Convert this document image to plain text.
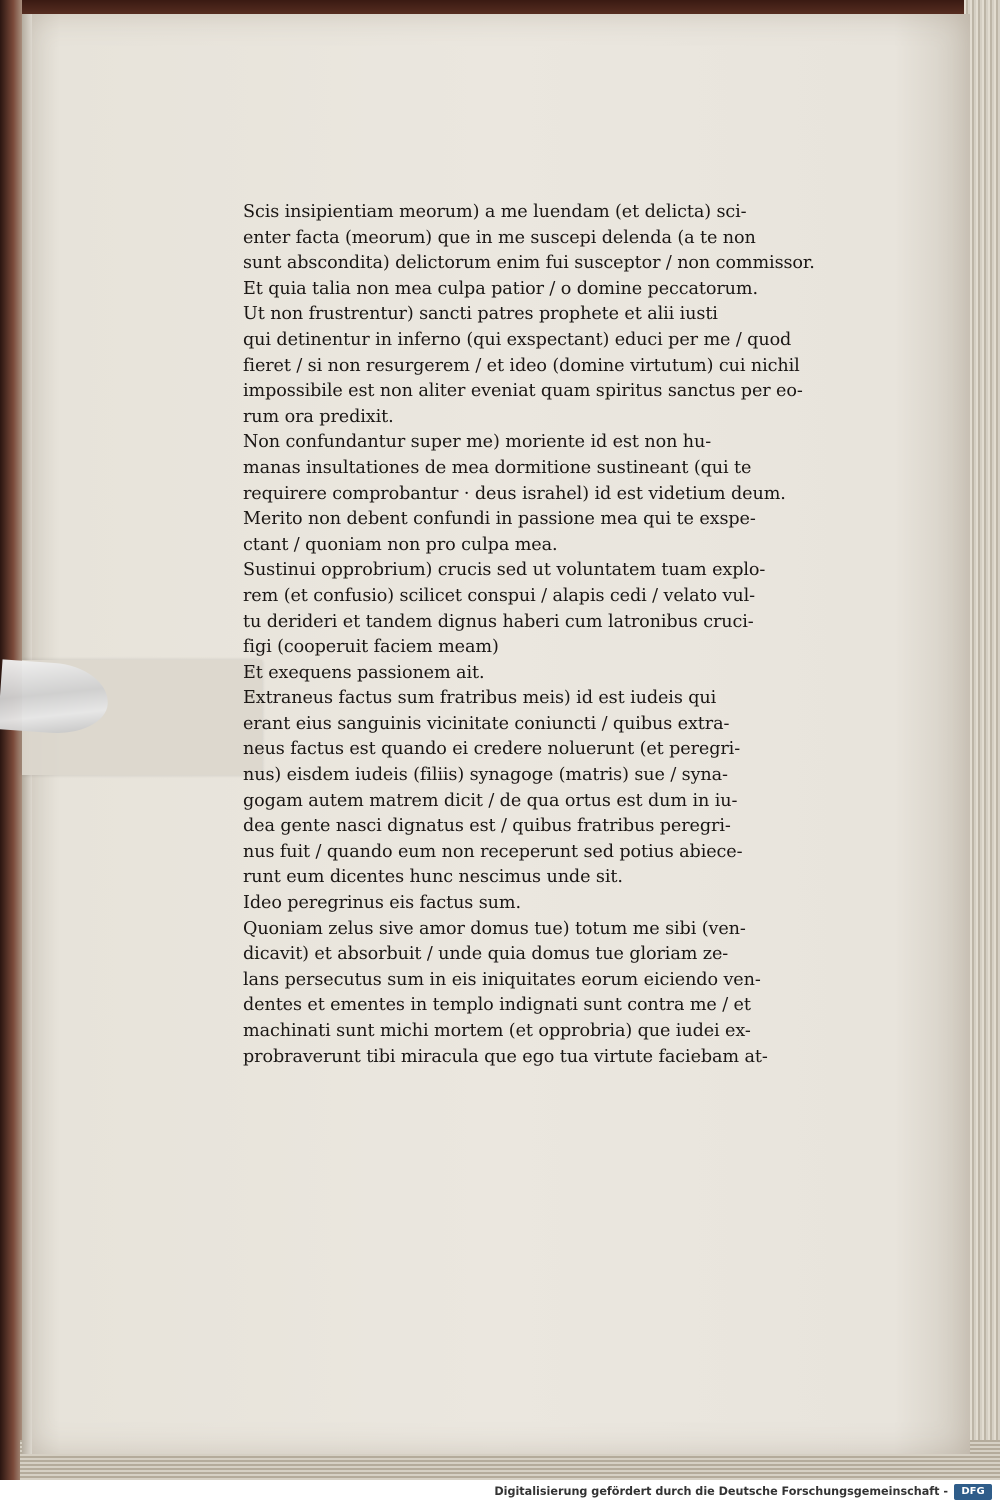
Scis insipientiam meorum) a me luendam (et delicta) sci-
enter facta (meorum) que in me suscepi delenda (a te non
sunt abscondita) delictorum enim fui susceptor / non commissor.
Et quia talia non mea culpa patior / o domine peccatorum.
Ut non frustrentur) sancti patres prophete et alii iusti
qui detinentur in inferno (qui exspectant) educi per me / quod
fieret / si non resurgerem / et ideo (domine virtutum) cui nichil
impossibile est non aliter eveniat quam spiritus sanctus per eo-
rum ora predixit.
Non confundantur super me) moriente id est non hu-
manas insultationes de mea dormitione sustineant (qui te
requirere comprobantur · deus israhel) id est videtium deum.
Merito non debent confundi in passione mea qui te exspe-
ctant / quoniam non pro culpa mea.
Sustinui opprobrium) crucis sed ut voluntatem tuam explo-
rem (et confusio) scilicet conspui / alapis cedi / velato vul-
tu derideri et tandem dignus haberi cum latronibus cruci-
figi (cooperuit faciem meam)
Et exequens passionem ait.
Extraneus factus sum fratribus meis) id est iudeis qui
erant eius sanguinis vicinitate coniuncti / quibus extra-
neus factus est quando ei credere noluerunt (et peregri-
nus) eisdem iudeis (filiis) synagoge (matris) sue / syna-
gogam autem matrem dicit / de qua ortus est dum in iu-
dea gente nasci dignatus est / quibus fratribus peregri-
nus fuit / quando eum non receperunt sed potius abiece-
runt eum dicentes hunc nescimus unde sit.
Ideo peregrinus eis factus sum.
Quoniam zelus sive amor domus tue) totum me sibi (ven-
dicavit) et absorbuit / unde quia domus tue gloriam ze-
lans persecutus sum in eis iniquitates eorum eiciendo ven-
dentes et ementes in templo indignati sunt contra me / et
machinati sunt michi mortem (et opprobria) que iudei ex-
probraverunt tibi miracula que ego tua virtute faciebam at-
Digitalisierung gefördert durch die Deutsche Forschungsgemeinschaft -	DFG
